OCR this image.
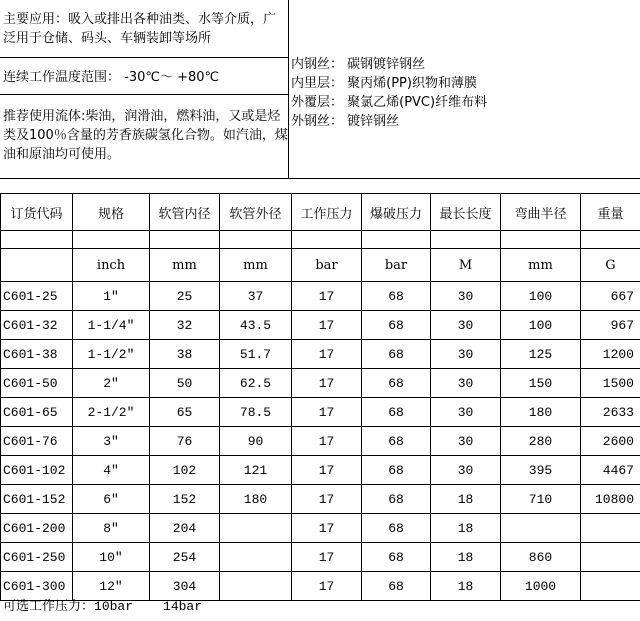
主要应用：吸入或排出各种油类、水等介质，广泛用于仓储、码头、车辆装卸等场所
连续工作温度范围： -30℃～ +80℃
推荐使用流体:柴油，润滑油，燃料油，又或是烃类及100％含量的芳香族碳氢化合物。如汽油，煤油和原油均可使用。
内钢丝： 碳钢镀锌钢丝
内里层： 聚丙烯(PP)织物和薄膜
外覆层： 聚氯乙烯(PVC)纤维布料
外钢丝： 镀锌钢丝
订货代码	规格	软管内径	软管外径	工作压力	爆破压力	最长长度	弯曲半径	重量

	inch	mm	mm	bar	bar	M	mm	G
C601-25	1″	25	37	17	68	30	100	667
C601-32	1-1/4″	32	43.5	17	68	30	100	967
C601-38	1-1/2″	38	51.7	17	68	30	125	1200
C601-50	2″	50	62.5	17	68	30	150	1500
C601-65	2-1/2″	65	78.5	17	68	30	180	2633
C601-76	3″	76	90	17	68	30	280	2600
C601-102	4″	102	121	17	68	30	395	4467
C601-152	6″	152	180	17	68	18	710	10800
C601-200	8″	204		17	68	18		
C601-250	10″	254		17	68	18	860	
C601-300	12″	304		17	68	18	1000	
可选工作压力：10bar 14bar
